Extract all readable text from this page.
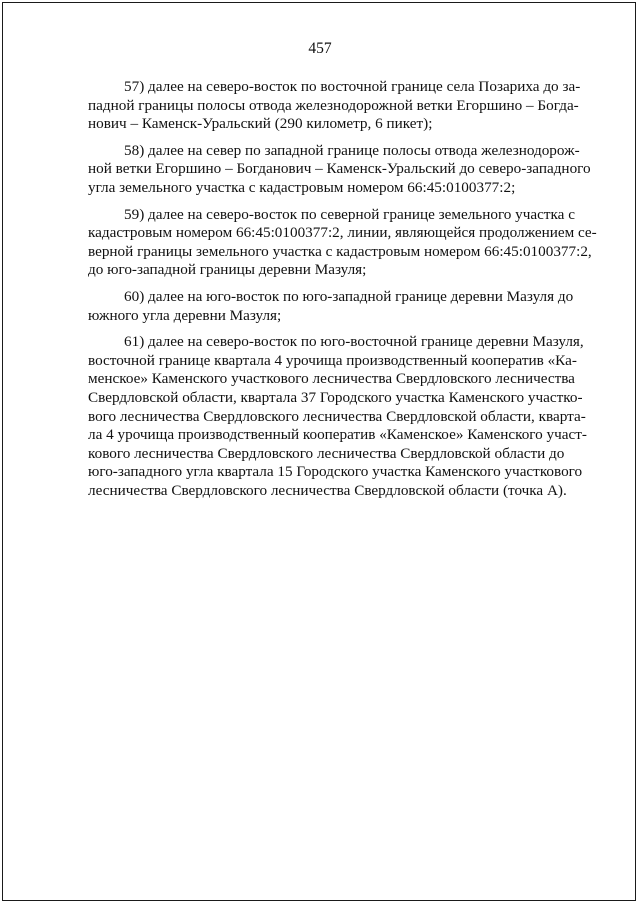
457

57) далее на северо-восток по восточной границе села Позариха до за-
падной границы полосы отвода железнодорожной ветки Егоршино – Богда-
нович – Каменск-Уральский (290 километр, 6 пикет);

58) далее на север по западной границе полосы отвода железнодорож-
ной ветки Егоршино – Богданович – Каменск-Уральский до северо-западного
угла земельного участка с кадастровым номером 66:45:0100377:2;

59) далее на северо-восток по северной границе земельного участка с
кадастровым номером 66:45:0100377:2, линии, являющейся продолжением се-
верной границы земельного участка с кадастровым номером 66:45:0100377:2,
до юго-западной границы деревни Мазуля;

60) далее на юго-восток по юго-западной границе деревни Мазуля до
южного угла деревни Мазуля;

61) далее на северо-восток по юго-восточной границе деревни Мазуля,
восточной границе квартала 4 урочища производственный кооператив «Ка-
менское» Каменского участкового лесничества Свердловского лесничества
Свердловской области, квартала 37 Городского участка Каменского участко-
вого лесничества Свердловского лесничества Свердловской области, кварта-
ла 4 урочища производственный кооператив «Каменское» Каменского участ-
кового лесничества Свердловского лесничества Свердловской области до
юго-западного угла квартала 15 Городского участка Каменского участкового
лесничества Свердловского лесничества Свердловской области (точка А).
